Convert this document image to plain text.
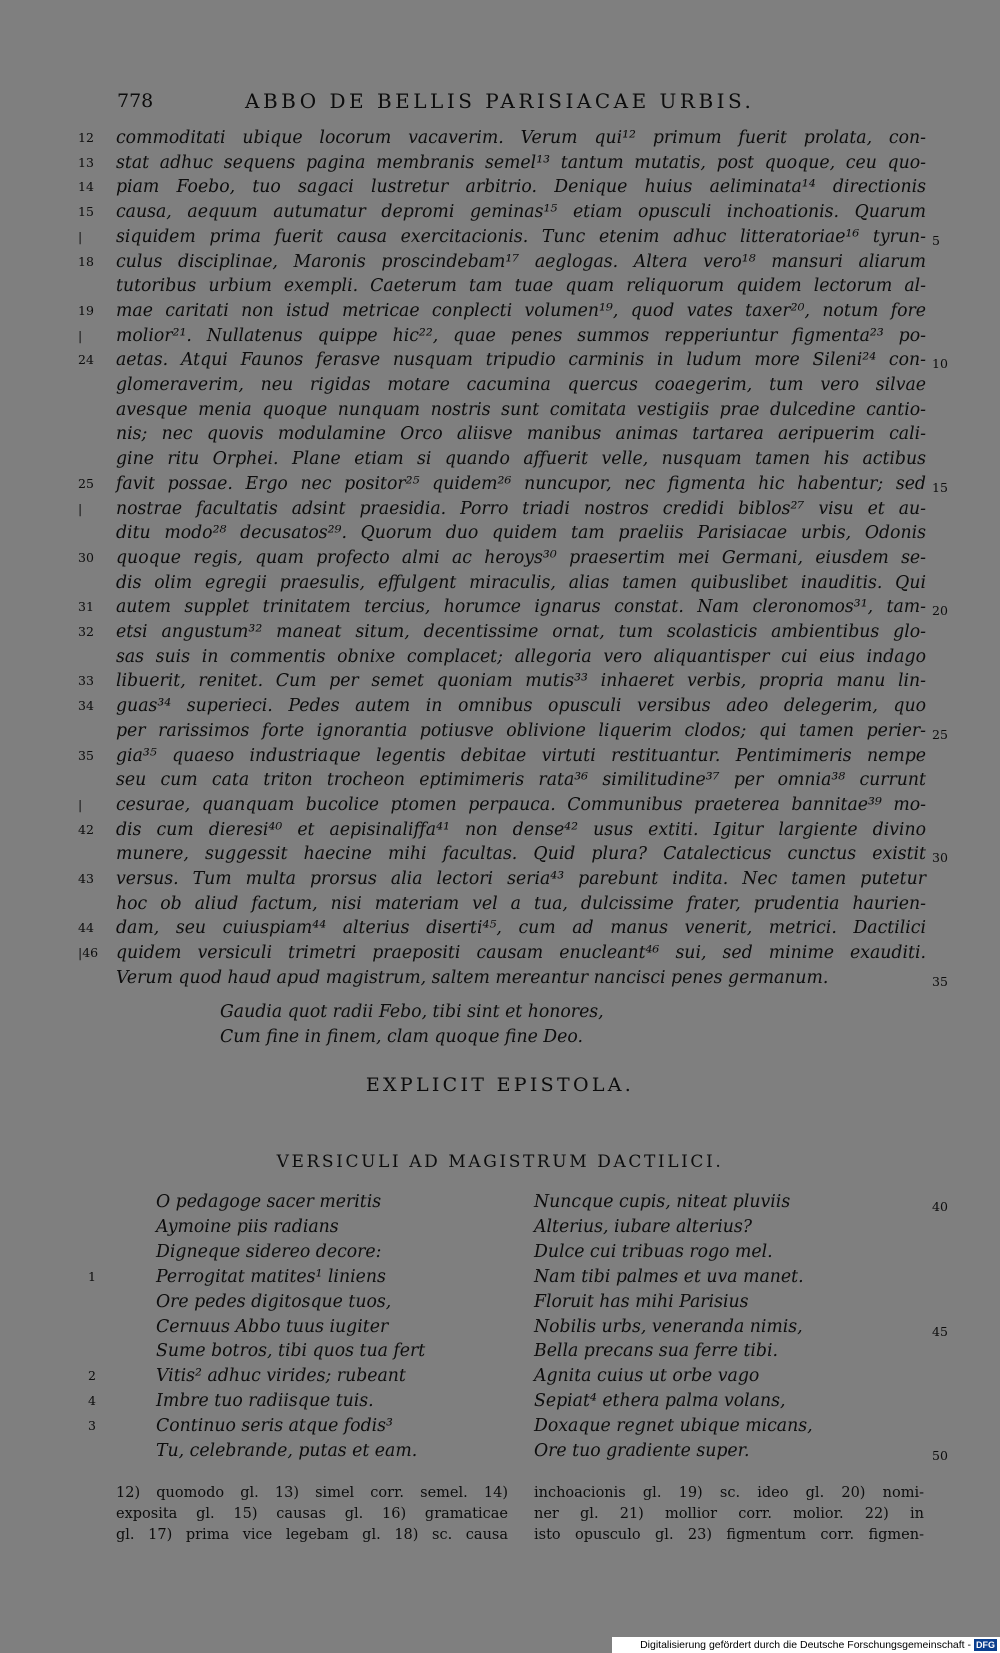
778	ABBO DE BELLIS PARISIACAE URBIS.
commoditati ubique locorum vacaverim. Verum qui¹² primum fuerit prolata, con-
12
stat adhuc sequens pagina membranis semel¹³ tantum mutatis, post quoque, ceu quo-
13
piam Foebo, tuo sagaci lustretur arbitrio. Denique huius aeliminata¹⁴ directionis
14
causa, aequum autumatur depromi geminas¹⁵ etiam opusculi inchoationis. Quarum
15
siquidem prima fuerit causa exercitacionis. Tunc etenim adhuc litteratoriae¹⁶ tyrun-
|	5
culus disciplinae, Maronis proscindebam¹⁷ aeglogas. Altera vero¹⁸ mansuri aliarum
18
tutoribus urbium exempli. Caeterum tam tuae quam reliquorum quidem lectorum al-
mae caritati non istud metricae conplecti volumen¹⁹, quod vates taxer²⁰, notum fore
19
molior²¹. Nullatenus quippe hic²², quae penes summos repperiuntur figmenta²³ po-
|
aetas. Atqui Faunos ferasve nusquam tripudio carminis in ludum more Sileni²⁴ con-
24	10
glomeraverim, neu rigidas motare cacumina quercus coaegerim, tum vero silvae
avesque menia quoque nunquam nostris sunt comitata vestigiis prae dulcedine cantio-
nis; nec quovis modulamine Orco aliisve manibus animas tartarea aeripuerim cali-
gine ritu Orphei. Plane etiam si quando affuerit velle, nusquam tamen his actibus
favit possae. Ergo nec positor²⁵ quidem²⁶ nuncupor, nec figmenta hic habentur; sed
25	15
nostrae facultatis adsint praesidia. Porro triadi nostros credidi biblos²⁷ visu et au-
|
ditu modo²⁸ decusatos²⁹. Quorum duo quidem tam praeliis Parisiacae urbis, Odonis
quoque regis, quam profecto almi ac heroys³⁰ praesertim mei Germani, eiusdem se-
30
dis olim egregii praesulis, effulgent miraculis, alias tamen quibuslibet inauditis. Qui
autem supplet trinitatem tercius, horumce ignarus constat. Nam cleronomos³¹, tam-
31	20
etsi angustum³² maneat situm, decentissime ornat, tum scolasticis ambientibus glo-
32
sas suis in commentis obnixe complacet; allegoria vero aliquantisper cui eius indago
libuerit, renitet. Cum per semet quoniam mutis³³ inhaeret verbis, propria manu lin-
33
guas³⁴ superieci. Pedes autem in omnibus opusculi versibus adeo delegerim, quo
34
per rarissimos forte ignorantia potiusve oblivione liquerim clodos; qui tamen perier- 25
gia³⁵ quaeso industriaque legentis debitae virtuti restituantur. Pentimimeris nempe
35
seu cum cata triton trocheon eptimimeris rata³⁶ similitudine³⁷ per omnia³⁸ currunt
cesurae, quanquam bucolice ptomen perpauca. Communibus praeterea bannitae³⁹ mo-
|
dis cum dieresi⁴⁰ et aepisinaliffa⁴¹ non dense⁴² usus extiti. Igitur largiente divino
42
munere, suggessit haecine mihi facultas. Quid plura? Catalecticus cunctus existit 30
versus. Tum multa prorsus alia lectori seria⁴³ parebunt indita. Nec tamen putetur
43
hoc ob aliud factum, nisi materiam vel a tua, dulcissime frater, prudentia haurien-
dam, seu cuiuspiam⁴⁴ alterius diserti⁴⁵, cum ad manus venerit, metrici. Dactilici
44
quidem versiculi trimetri praepositi causam enucleant⁴⁶ sui, sed minime exauditi.
|46
Verum quod haud apud magistrum, saltem mereantur nancisci penes germanum.	35
Gaudia quot radii Febo, tibi sint et honores,
Cum fine in finem, clam quoque fine Deo.
EXPLICIT EPISTOLA.
VERSICULI AD MAGISTRUM DACTILICI.
O pedagoge sacer meritis
Aymoine piis radians
Digneque sidereo decore:
Perrogitat matites¹ liniens
1
Ore pedes digitosque tuos,
Cernuus Abbo tuus iugiter
Sume botros, tibi quos tua fert
Vitis² adhuc virides; rubeant
2
Imbre tuo radiisque tuis.
4
Continuo seris atque fodis³
3
Tu, celebrande, putas et eam.
Nuncque cupis, niteat pluviis	40
Alterius, iubare alterius?
Dulce cui tribuas rogo mel.
Nam tibi palmes et uva manet.
Floruit has mihi Parisius
Nobilis urbs, veneranda nimis,	45
Bella precans sua ferre tibi.
Agnita cuius ut orbe vago
Sepiat⁴ ethera palma volans,
Doxaque regnet ubique micans,
Ore tuo gradiente super.	50
12) quomodo gl. 13) simel corr. semel. 14)
exposita gl. 15) causas gl. 16) gramaticae
gl. 17) prima vice legebam gl. 18) sc. causa
inchoacionis gl. 19) sc. ideo gl. 20) nomi-
ner gl. 21) mollior corr. molior. 22) in
isto opusculo gl. 23) figmentum corr. figmen-
Digitalisierung gefördert durch die Deutsche Forschungsgemeinschaft - DFG
